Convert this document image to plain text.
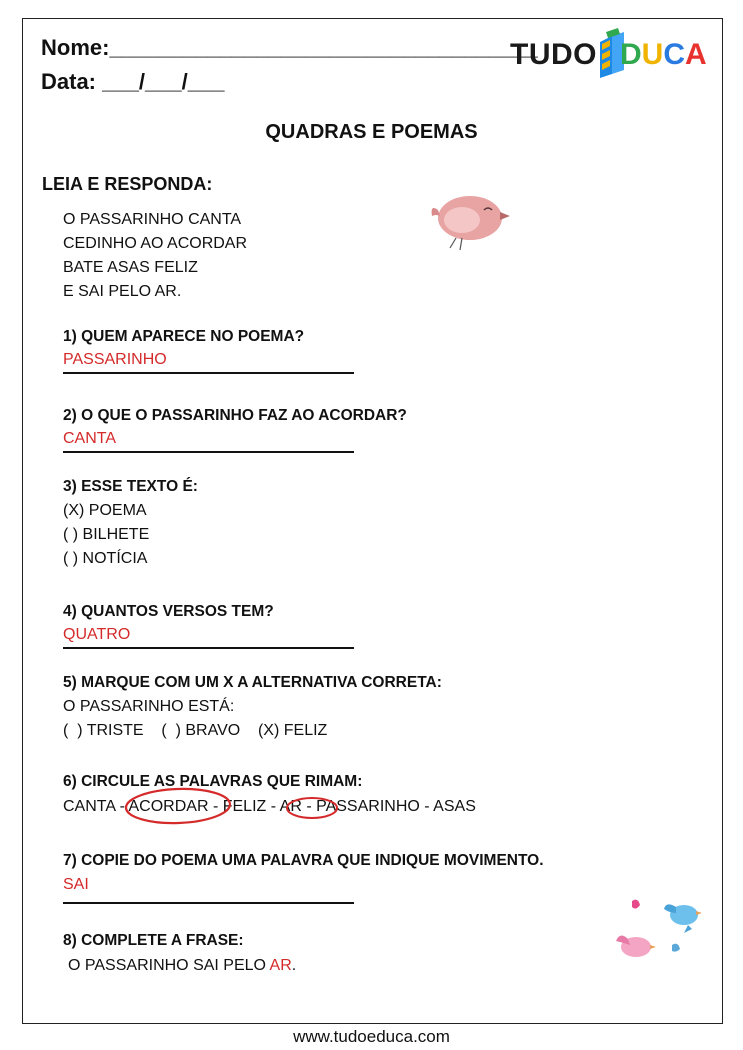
Nome:___________________________________
Data: ___/___/___
TUDO DUCA
QUADRAS E POEMAS
LEIA E RESPONDA:
O PASSARINHO CANTA
CEDINHO AO ACORDAR
BATE ASAS FELIZ
E SAI PELO AR.
1) QUEM APARECE NO POEMA?
PASSARINHO
2) O QUE O PASSARINHO FAZ AO ACORDAR?
CANTA
3) ESSE TEXTO É:
(X) POEMA
( ) BILHETE
( ) NOTÍCIA
4) QUANTOS VERSOS TEM?
QUATRO
5) MARQUE COM UM X A ALTERNATIVA CORRETA:
O PASSARINHO ESTÁ:
(  ) TRISTE    (  ) BRAVO    (X) FELIZ
6) CIRCULE AS PALAVRAS QUE RIMAM:
CANTA - ACORDAR - FELIZ - AR - PASSARINHO - ASAS
7) COPIE DO POEMA UMA PALAVRA QUE INDIQUE MOVIMENTO.
SAI
8) COMPLETE A FRASE:
O PASSARINHO SAI PELO AR.
www.tudoeduca.com
